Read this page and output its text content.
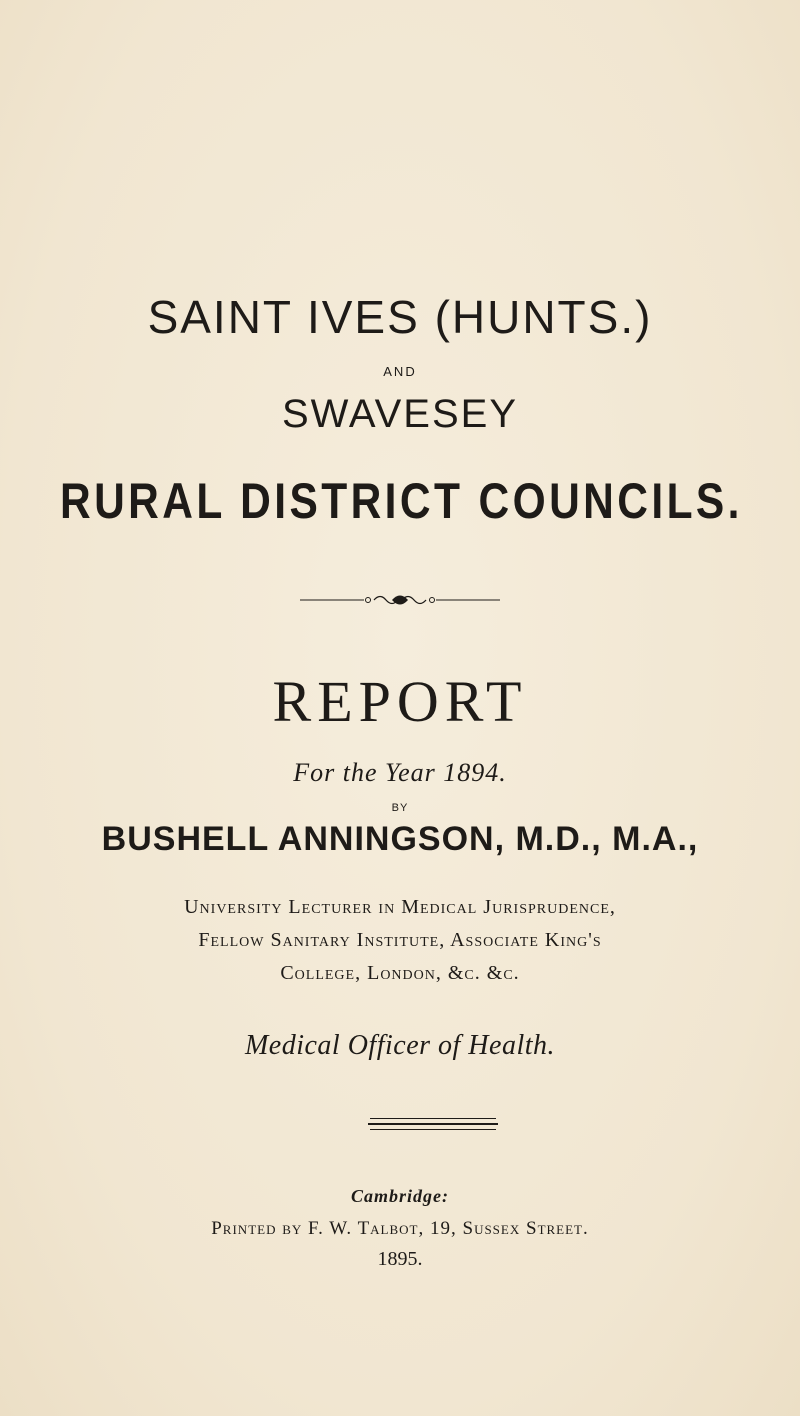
SAINT IVES (HUNTS.)
AND
SWAVESEY
RURAL DISTRICT COUNCILS.
REPORT
For the Year 1894.
BY
BUSHELL ANNINGSON, M.D., M.A.,
University Lecturer in Medical Jurisprudence,
Fellow Sanitary Institute, Associate King's
College, London, &c. &c.
Medical Officer of Health.
Cambridge:
Printed by F. W. Talbot, 19, Sussex Street.
1895.
